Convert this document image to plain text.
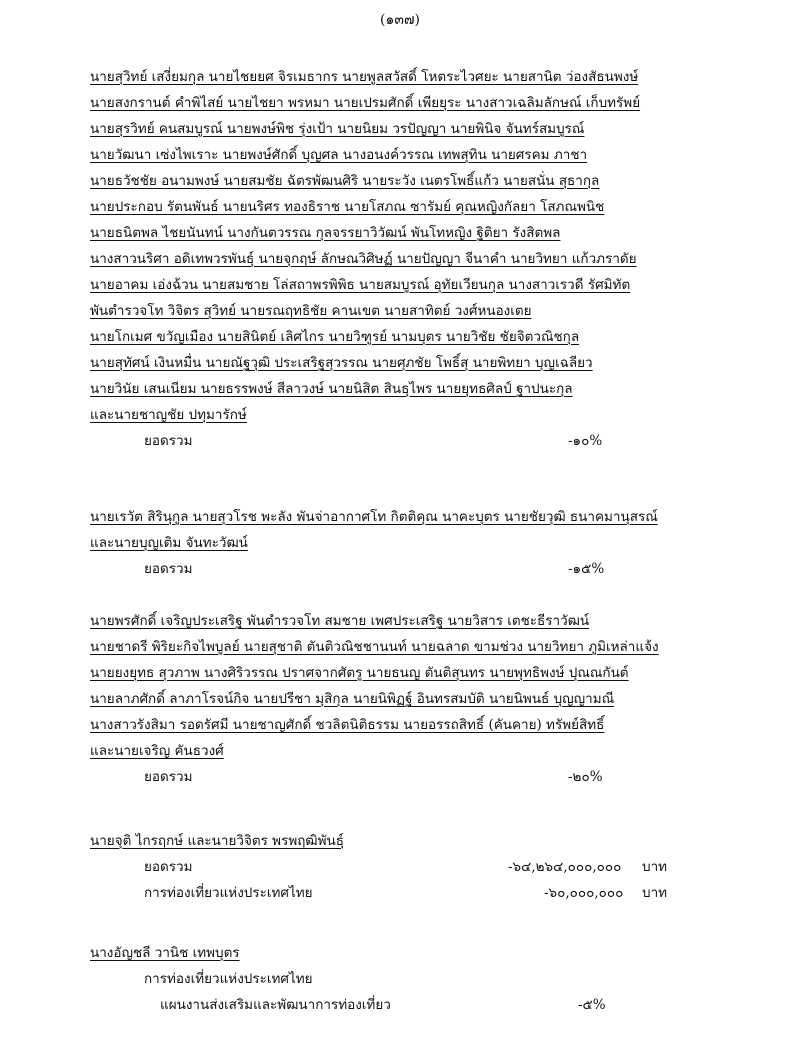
(๑๓๗)

นายสุวิทย์ เสงี่ยมกุล นายไชยยศ จิรเมธากร นายพูลสวัสดิ์ โหตระไวศยะ นายสานิต ว่องสัธนพงษ์
นายสงกรานต์ คำพิไสย์ นายไชยา พรหมา นายเปรมศักดิ์ เพียยุระ นางสาวเฉลิมลักษณ์ เก็บทรัพย์
นายสุรวิทย์ คนสมบูรณ์ นายพงษ์พิช รุ่งเป้า นายนิยม วรปัญญา นายพินิจ จันทร์สมบูรณ์
นายวัฒนา เซ่งไพเราะ นายพงษ์ศักดิ์ บุญศล นางอนงค์วรรณ เทพสุทิน นายศรคม ภาชา
นายธวัชชัย อนามพงษ์ นายสมชัย ฉัตรพัฒนศิริ นายระวัง เนตรโพธิ์แก้ว นายสนั่น สุธากุล
นายประกอบ รัตนพันธ์ นายนริศร ทองธิราช นายโสภณ ซารัมย์ คุณหญิงกัลยา โสภณพนิช
นายธนิตพล ไชยนันทน์ นางกันตวรรณ กุลจรรยาวิวัฒน์ พันโทหญิง ฐิติยา รังสิตพล
นางสาวนริศา อดิเทพวรพันธุ์ นายจุกฤษ์ ลักษณวิศิษฏ์ นายปัญญา จีนาคำ นายวิทยา แก้วภราดัย
นายอาคม เอ่งฉ้วน นายสมชาย โล่สถาพรพิพิธ นายสมบูรณ์ อุทัยเวียนกุล นางสาวเรวดี รัศมิทัต
พันตำรวจโท วิจิตร สุวิทย์ นายรณฤทธิชัย คานเขต นายสาทิตย์ วงศ์หนองเตย
นายโกเมศ ขวัญเมือง นายสินิตย์ เลิศไกร นายวิฑูรย์ นามบุตร นายวิชัย ชัยจิตวณิชกุล
นายสุทัศน์ เงินหมื่น นายณัฐวุฒิ ประเสริฐสุวรรณ นายศุภชัย โพธิ์สุ นายพิทยา บุญเฉลียว
นายวินัย เสนเนียม นายธรรพงษ์ สีลาวงษ์ นายนิสิต สินธุไพร นายยุทธศิลป์ ฐาปนะกุล
และนายชาญชัย ปทุมารักษ์

ยอดรวม	-๑๐%

นายเรวัต สิรินุกูล นายสุวโรช พะลัง พันจ่าอากาศโท กิตติคุณ นาคะบุตร นายชัยวุฒิ ธนาคมานุสรณ์
และนายบุญเติม จันทะวัฒน์

ยอดรวม	-๑๕%

นายพรศักดิ์ เจริญประเสริฐ พันตำรวจโท สมชาย เพศประเสริฐ นายวิสาร เตชะธีราวัฒน์
นายชาดรี พิริยะกิจไพบูลย์ นายสุชาติ ตันติวณิชชานนท์ นายฉลาด ขามช่วง นายวิทยา ภูมิเหล่าแจ้ง
นายยงยุทธ สุวภาพ นางศิริวรรณ ปราศจากศัตรู นายธนญ ตันติสุนทร นายพุทธิพงษ์ ปุณณกันต์
นายลาภศักดิ์ ลาภาโรจน์กิจ นายปรีชา มุสิกุล นายนิพิฏฐ์ อินทรสมบัติ นายนิพนธ์ บุญญามณี
นางสาวรังสิมา รอดรัศมี นายชาญศักดิ์ ชวลิตนิติธรรม นายอรรถสิทธิ์ (คันคาย) ทรัพย์สิทธิ์
และนายเจริญ คันธวงศ์

ยอดรวม	-๒๐%

นายจุติ ไกรฤกษ์ และนายวิจิตร พรพฤฒิพันธุ์

ยอดรวม	-๖๔,๒๖๔,๐๐๐,๐๐๐ บาท
การท่องเที่ยวแห่งประเทศไทย	-๖๐,๐๐๐,๐๐๐ บาท

นางอัญชลี วานิช เทพบุตร

การท่องเที่ยวแห่งประเทศไทย
แผนงานส่งเสริมและพัฒนาการท่องเที่ยว	-๕%
